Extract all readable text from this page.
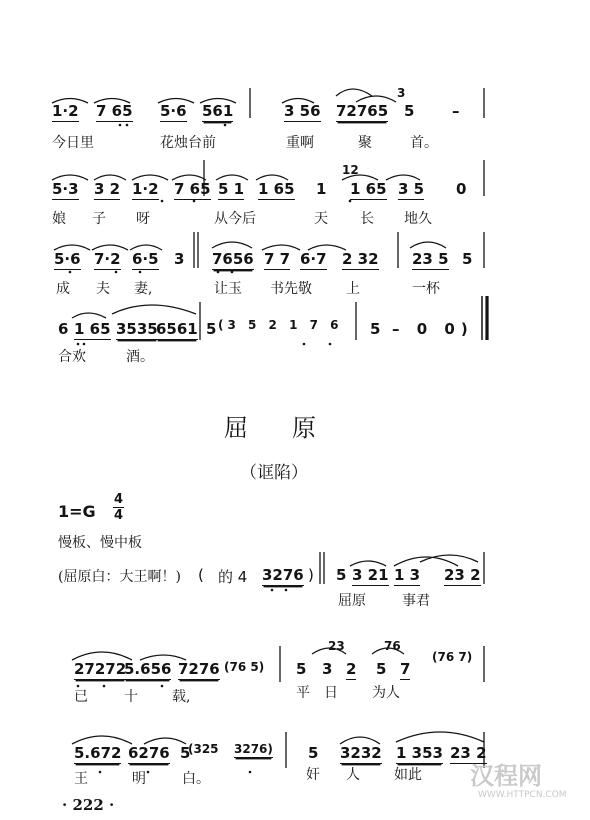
1·2 7 65 5·6 561	3 56 72765
3
5	–
今日里	花烛台前	重啊	聚	首。
5·3 3 2 1·2 7 65 5 1 1 65 1
12
1 65 3 5 0
娘 子 呀	从今后	天 长 地久
5·6 7·2 6·5 3 7656 7 7 6·7 2 32 23 5 5
成 夫 妻,	让玉 书先敬 上	一杯
6 1 65 3535
6561 5 (3 5 2 1 7 6 5 – 0 0)
合欢	酒。
屈原
（诓陷）
1=G
4
4
慢板、慢中板
(屈原白：大王啊！) ( 的 4 3276 ) 5 3 21 1 3 23 2
屈原	事君
27272
5.656 7276 (76 5) 5
23
3 2
76
5 7
(76 7)
已	十 载,	平 日 为人
5.672 6276 5
(325 3276) 5 3232 1 353 23 2
王	明	白。	奸 人 如此
· 222 ·
汉程网
WWW.HTTPCN.COM
